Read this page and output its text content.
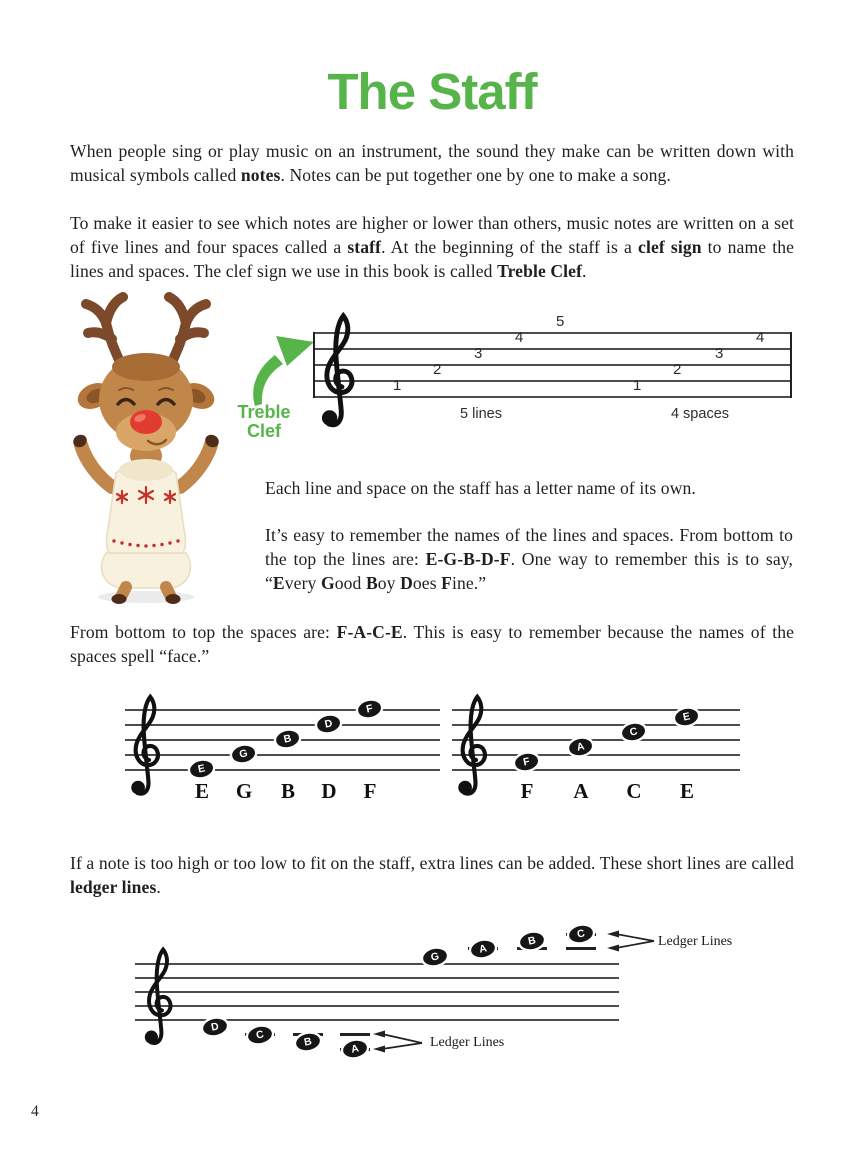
The Staff

When people sing or play music on an instrument, the sound they make can be written down with musical symbols called notes. Notes can be put together one by one to make a song.

To make it easier to see which notes are higher or lower than others, music notes are written on a set of five lines and four spaces called a staff. At the beginning of the staff is a clef sign to name the lines and spaces. The clef sign we use in this book is called Treble Clef.

Treble
Clef
1
2
3
4
5
1
2
3
4
5 lines	4 spaces

Each line and space on the staff has a letter name of its own.

It’s easy to remember the names of the lines and spaces. From bottom to the top the lines are: E-G-B-D-F. One way to remember this is to say, “Every Good Boy Does Fine.”

From bottom to top the spaces are: F-A-C-E. This is easy to remember because the names of the spaces spell “face.”

E
G
B
D
F
E G B D	F
F
A
C
E
F	A C E

If a note is too high or too low to fit on the staff, extra lines can be added. These short lines are called ledger lines.

G
A
B
C
D
C
B
A
Ledger Lines
Ledger Lines
4
